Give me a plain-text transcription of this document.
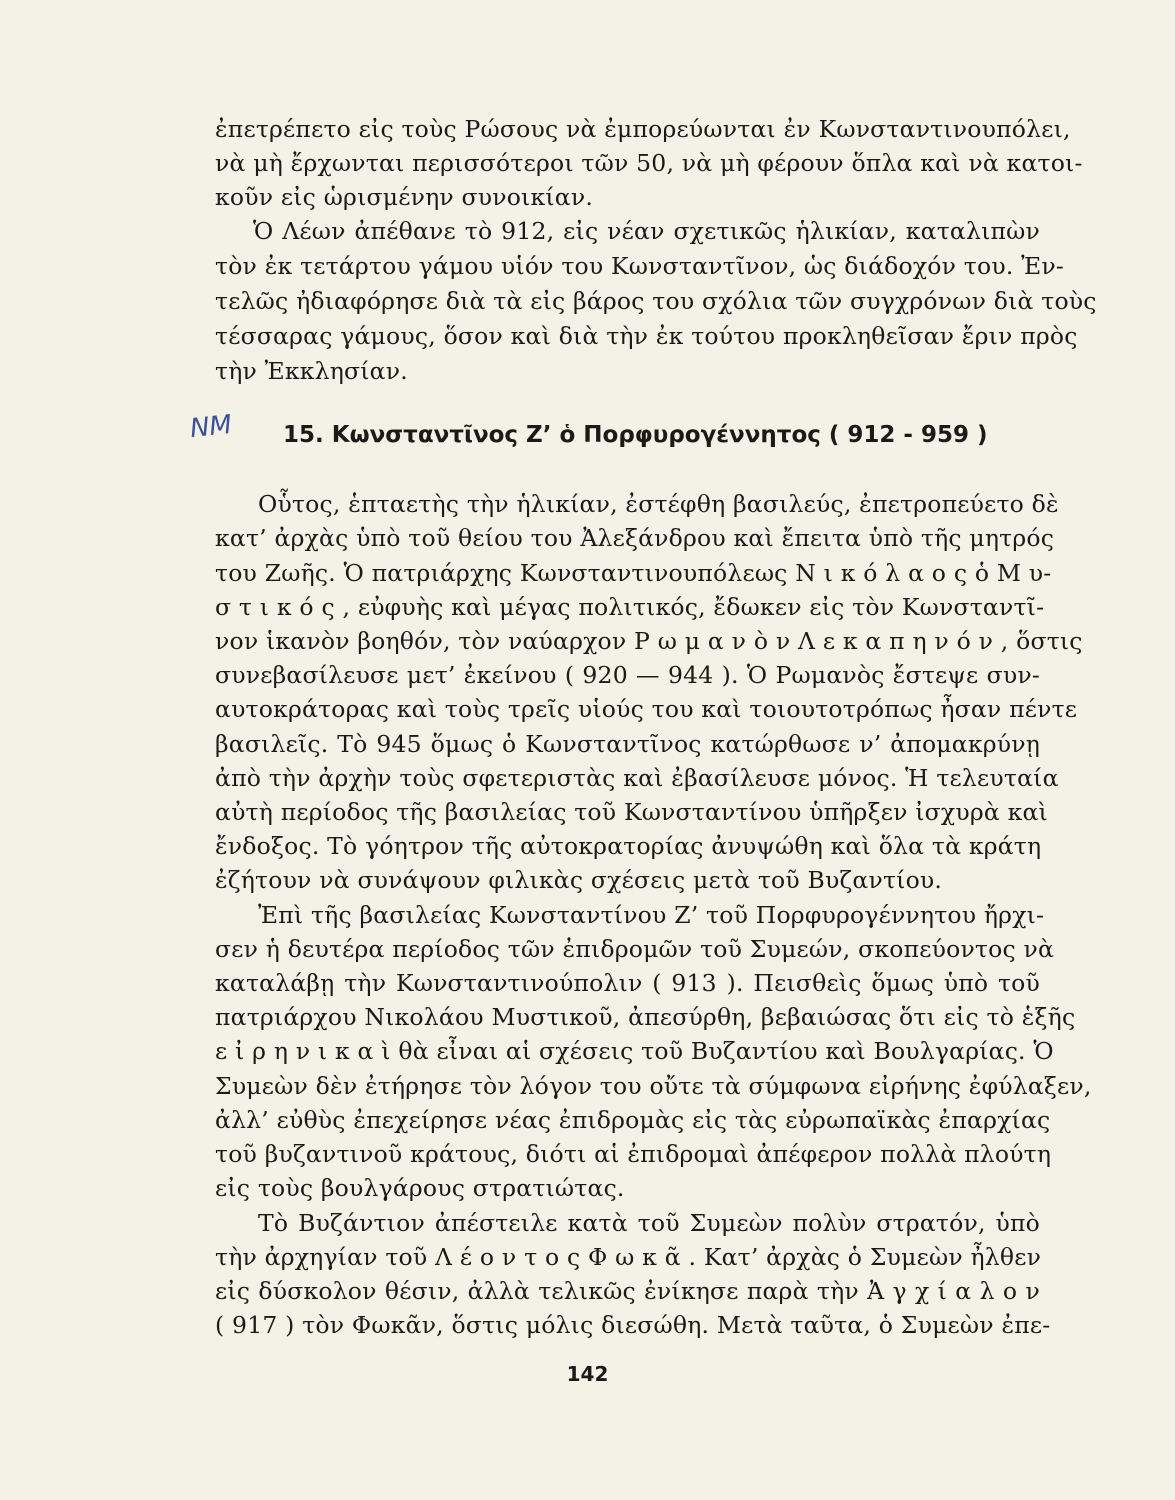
ἐπετρέπετο εἰς τοὺς Ρώσους νὰ ἐμπορεύωνται ἐν Κωνσταντινουπόλει,
νὰ μὴ ἔρχωνται περισσότεροι τῶν 50, νὰ μὴ φέρουν ὅπλα καὶ νὰ κατοι-
κοῦν εἰς ὡρισμένην συνοικίαν.
Ὁ Λέων ἀπέθανε τὸ 912, εἰς νέαν σχετικῶς ἡλικίαν, καταλιπὼν
τὸν ἐκ τετάρτου γάμου υἱόν του Κωνσταντῖνον, ὡς διάδοχόν του. Ἐν-
τελῶς ἠδιαφόρησε διὰ τὰ εἰς βάρος του σχόλια τῶν συγχρόνων διὰ τοὺς
τέσσαρας γάμους, ὅσον καὶ διὰ τὴν ἐκ τούτου προκληθεῖσαν ἔριν πρὸς
τὴν Ἐκκλησίαν.
ΝΜ 15. Κωνσταντῖνος Ζ’ ὁ Πορφυρογέννητος ( 912 - 959 )
Οὗτος, ἑπταετὴς τὴν ἡλικίαν, ἐστέφθη βασιλεύς, ἐπετροπεύετο δὲ
κατ’ ἀρχὰς ὑπὸ τοῦ θείου του Ἀλεξάνδρου καὶ ἔπειτα ὑπὸ τῆς μητρός
του Ζωῆς. Ὁ πατριάρχης Κωνσταντινουπόλεως Ν ι κ ό λ α ο ς ὁ Μ υ-
σ τ ι κ ό ς , εὐφυὴς καὶ μέγας πολιτικός, ἔδωκεν εἰς τὸν Κωνσταντῖ-
νον ἱκανὸν βοηθόν, τὸν ναύαρχον Ρ ω μ α ν ὸ ν Λ ε κ α π η ν ό ν , ὅστις
συνεβασίλευσε μετ’ ἐκείνου ( 920 — 944 ). Ὁ Ρωμανὸς ἔστεψε συν-
αυτοκράτορας καὶ τοὺς τρεῖς υἱούς του καὶ τοιουτοτρόπως ἦσαν πέντε
βασιλεῖς. Τὸ 945 ὅμως ὁ Κωνσταντῖνος κατώρθωσε ν’ ἀπομακρύνῃ
ἀπὸ τὴν ἀρχὴν τοὺς σφετεριστὰς καὶ ἐβασίλευσε μόνος. Ἡ τελευταία
αὐτὴ περίοδος τῆς βασιλείας τοῦ Κωνσταντίνου ὑπῆρξεν ἰσχυρὰ καὶ
ἔνδοξος. Τὸ γόητρον τῆς αὐτοκρατορίας ἀνυψώθη καὶ ὅλα τὰ κράτη
ἐζήτουν νὰ συνάψουν φιλικὰς σχέσεις μετὰ τοῦ Βυζαντίου.
Ἐπὶ τῆς βασιλείας Κωνσταντίνου Ζ’ τοῦ Πορφυρογέννητου ἤρχι-
σεν ἡ δευτέρα περίοδος τῶν ἐπιδρομῶν τοῦ Συμεών, σκοπεύοντος νὰ
καταλάβῃ τὴν Κωνσταντινούπολιν ( 913 ). Πεισθεὶς ὅμως ὑπὸ τοῦ
πατριάρχου Νικολάου Μυστικοῦ, ἀπεσύρθη, βεβαιώσας ὅτι εἰς τὸ ἑξῆς
ε ἰ ρ η ν ι κ α ὶ θὰ εἶναι αἱ σχέσεις τοῦ Βυζαντίου καὶ Βουλγαρίας. Ὁ
Συμεὼν δὲν ἐτήρησε τὸν λόγον του οὔτε τὰ σύμφωνα εἰρήνης ἐφύλαξεν,
ἀλλ’ εὐθὺς ἐπεχείρησε νέας ἐπιδρομὰς εἰς τὰς εὐρωπαϊκὰς ἐπαρχίας
τοῦ βυζαντινοῦ κράτους, διότι αἱ ἐπιδρομαὶ ἀπέφερον πολλὰ πλούτη
εἰς τοὺς βουλγάρους στρατιώτας.
Τὸ Βυζάντιον ἀπέστειλε κατὰ τοῦ Συμεὼν πολὺν στρατόν, ὑπὸ
τὴν ἀρχηγίαν τοῦ Λ έ ο ν τ ο ς Φ ω κ ᾶ . Κατ’ ἀρχὰς ὁ Συμεὼν ἦλθεν
εἰς δύσκολον θέσιν, ἀλλὰ τελικῶς ἐνίκησε παρὰ τὴν Ἀ γ χ ί α λ ο ν
( 917 ) τὸν Φωκᾶν, ὅστις μόλις διεσώθη. Μετὰ ταῦτα, ὁ Συμεὼν ἐπε-
142
